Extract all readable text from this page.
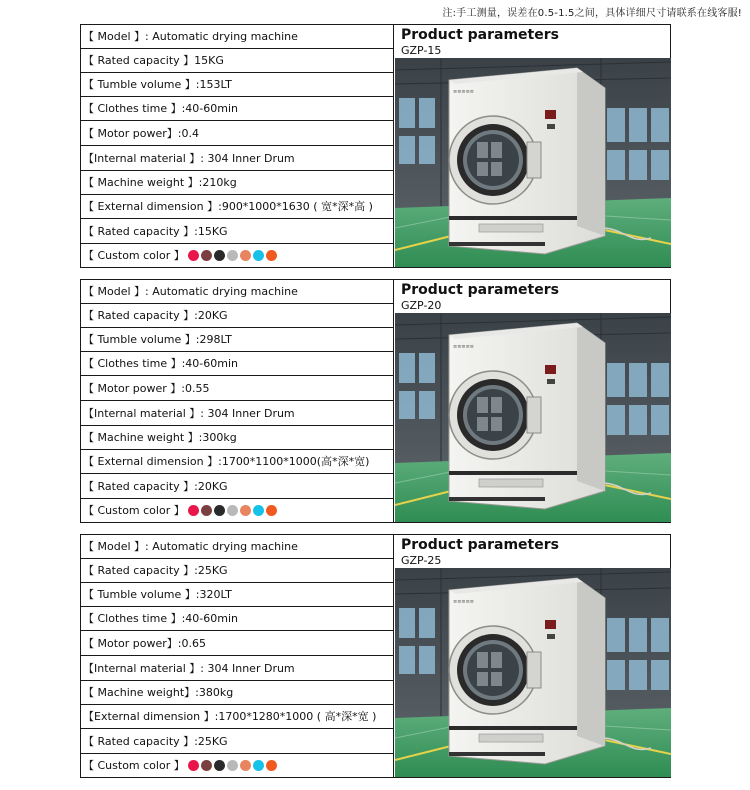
注:手工测量，误差在0.5-1.5之间，具体详细尺寸请联系在线客服!
【 Model 】: Automatic drying machine
【 Rated capacity 】15KG
【 Tumble volume 】:153LT
【 Clothes time 】:40-60min
【 Motor power】:0.4
【Internal material 】: 304 Inner Drum
【 Machine weight 】:210kg
【 External dimension 】:900*1000*1630 ( 宽*深*高 )
【 Rated capacity 】:15KG
【 Custom color 】
Product parameters
GZP-15
≡≡≡≡≡
【 Model 】: Automatic drying machine
【 Rated capacity 】:20KG
【 Tumble volume 】:298LT
【 Clothes time 】:40-60min
【 Motor power 】:0.55
【Internal material 】: 304 Inner Drum
【 Machine weight 】:300kg
【 External dimension 】:1700*1100*1000(高*深*宽)
【 Rated capacity 】:20KG
【 Custom color 】
Product parameters
GZP-20
≡≡≡≡≡
【 Model 】: Automatic drying machine
【 Rated capacity 】:25KG
【 Tumble volume 】:320LT
【 Clothes time 】:40-60min
【 Motor power】:0.65
【Internal material 】: 304 Inner Drum
【 Machine weight】:380kg
【External dimension 】:1700*1280*1000 ( 高*深*宽 )
【 Rated capacity 】:25KG
【 Custom color 】
Product parameters
GZP-25
≡≡≡≡≡
